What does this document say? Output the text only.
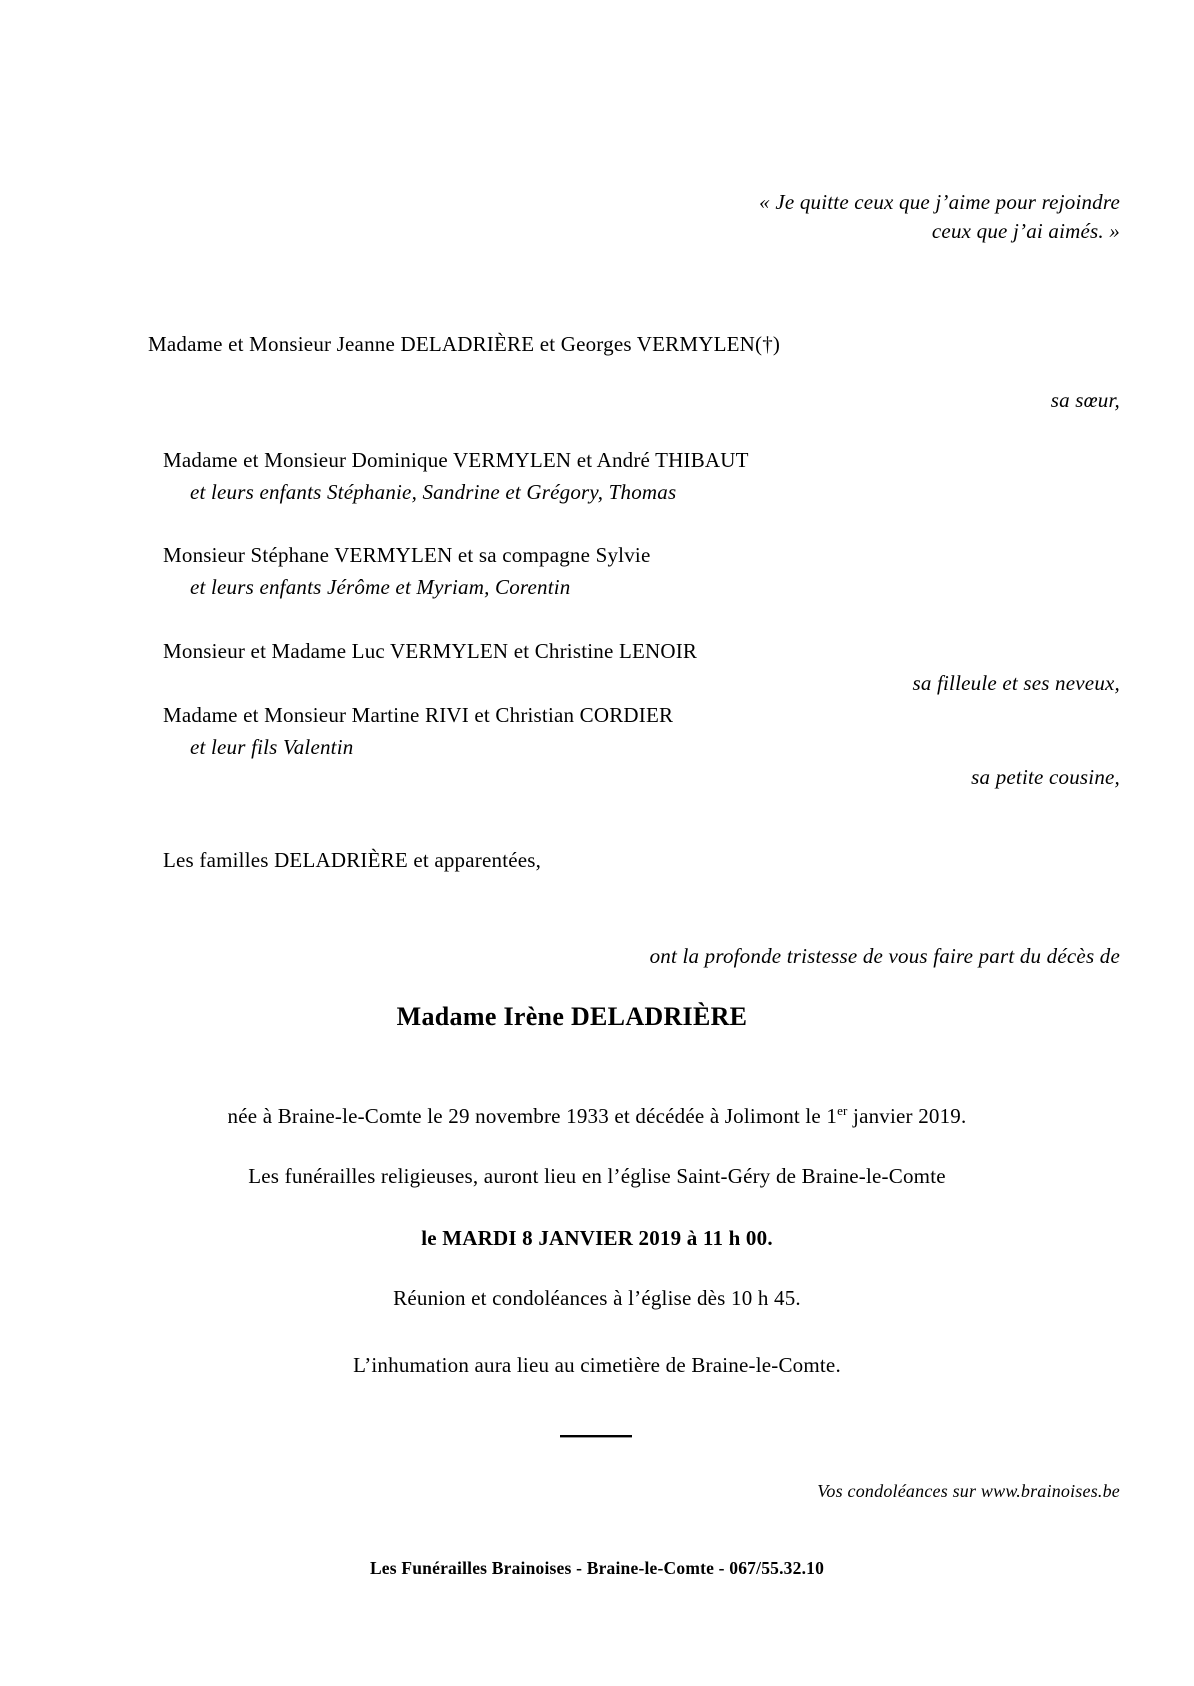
« Je quitte ceux que j’aime pour rejoindre
ceux que j’ai aimés. »
Madame et Monsieur Jeanne DELADRIÈRE et Georges VERMYLEN(†)
sa sœur,
Madame et Monsieur Dominique VERMYLEN et André THIBAUT
et leurs enfants Stéphanie, Sandrine et Grégory, Thomas
Monsieur Stéphane VERMYLEN et sa compagne Sylvie
et leurs enfants Jérôme et Myriam, Corentin
Monsieur et Madame Luc VERMYLEN et Christine LENOIR
sa filleule et ses neveux,
Madame et Monsieur Martine RIVI et Christian CORDIER
et leur fils Valentin
sa petite cousine,
Les familles DELADRIÈRE et apparentées,
ont la profonde tristesse de vous faire part du décès de
Madame Irène DELADRIÈRE
née à Braine-le-Comte le 29 novembre 1933 et décédée à Jolimont le 1er janvier 2019.
Les funérailles religieuses, auront lieu en l’église Saint-Géry de Braine-le-Comte
le MARDI 8 JANVIER 2019 à 11 h 00.
Réunion et condoléances à l’église dès 10 h 45.
L’inhumation aura lieu au cimetière de Braine-le-Comte.
Vos condoléances sur www.brainoises.be
Les Funérailles Brainoises - Braine-le-Comte - 067/55.32.10
